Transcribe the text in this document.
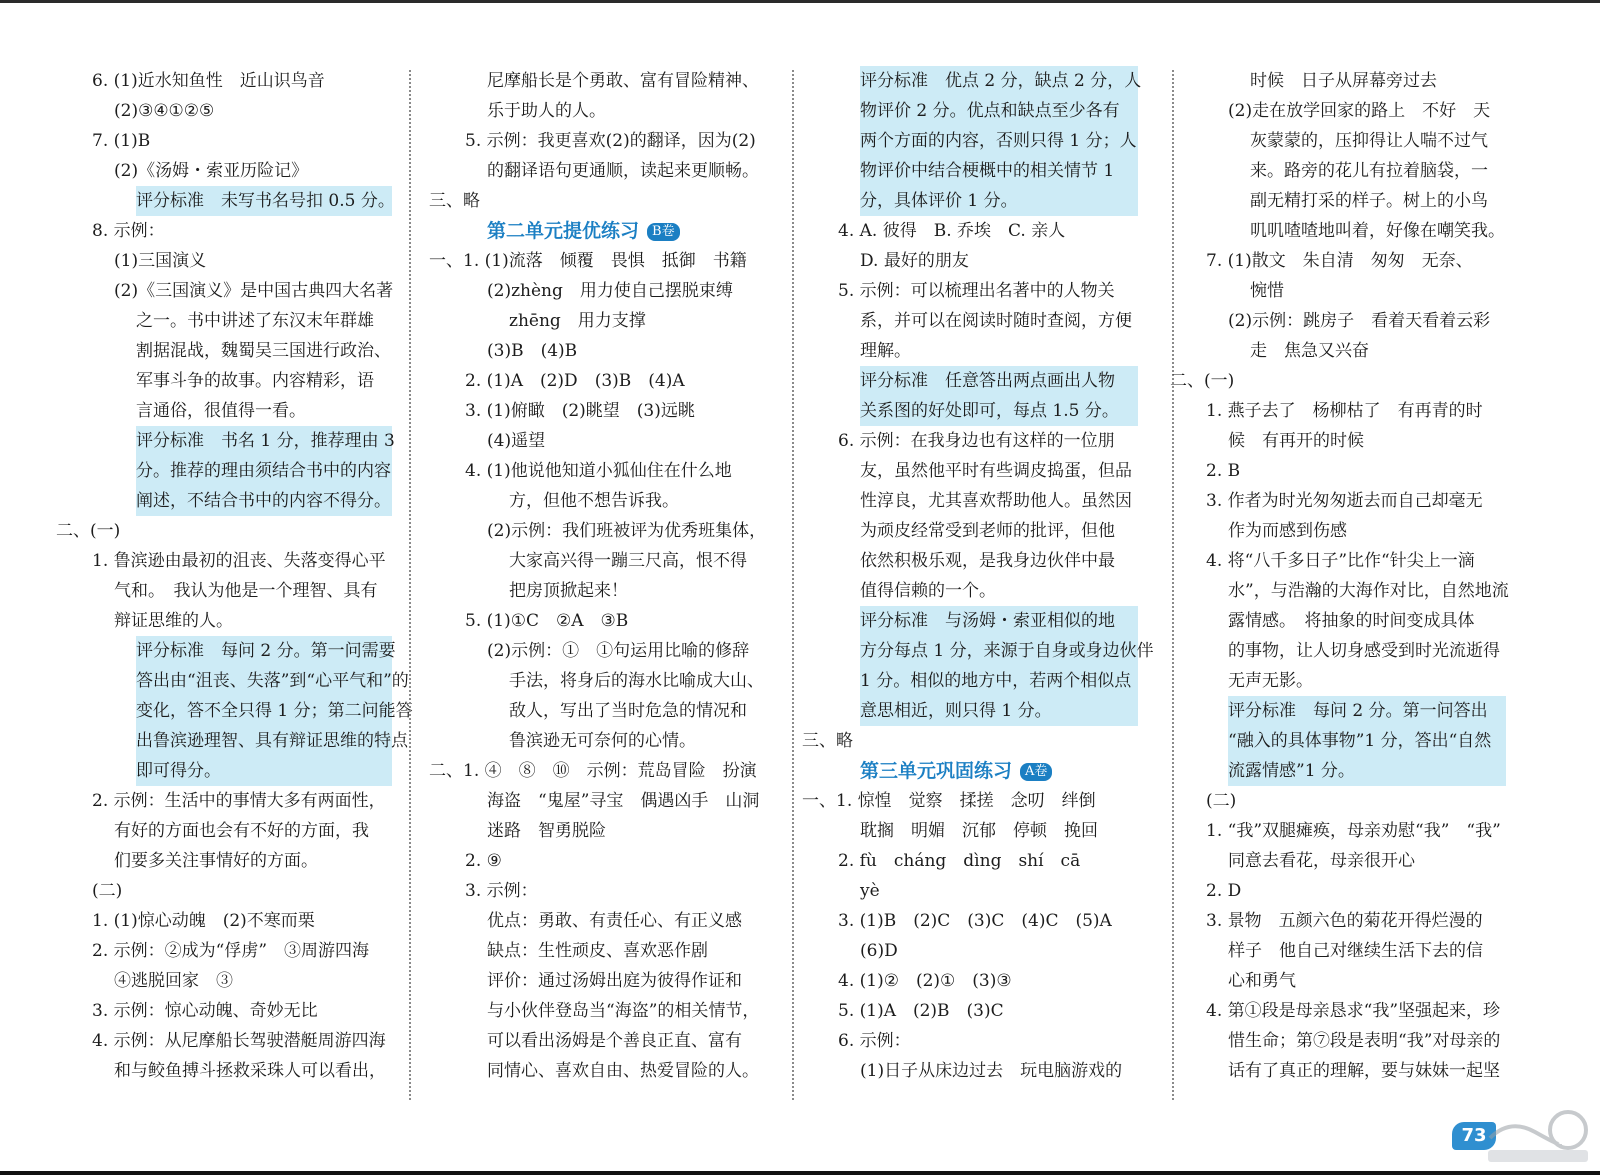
6. (1)近水知鱼性　近山识鸟音
(2)③④①②⑤
7. (1)B
(2)《汤姆・索亚历险记》
评分标准　未写书名号扣 0.5 分。
8. 示例：
(1)三国演义
(2)《三国演义》是中国古典四大名著
之一。书中讲述了东汉末年群雄
割据混战，魏蜀吴三国进行政治、
军事斗争的故事。内容精彩，语
言通俗，很值得一看。
评分标准　书名 1 分，推荐理由 3
分。推荐的理由须结合书中的内容
阐述，不结合书中的内容不得分。
二、(一)
1. 鲁滨逊由最初的沮丧、失落变得心平
气和。　我认为他是一个理智、具有
辩证思维的人。
评分标准　每问 2 分。第一问需要
答出由“沮丧、失落”到“心平气和”的
变化，答不全只得 1 分；第二问能答
出鲁滨逊理智、具有辩证思维的特点
即可得分。
2. 示例：生活中的事情大多有两面性，
有好的方面也会有不好的方面，我
们要多关注事情好的方面。
(二)
1. (1)惊心动魄　(2)不寒而栗
2. 示例：②成为“俘虏”　③周游四海
④逃脱回家　③
3. 示例：惊心动魄、奇妙无比
4. 示例：从尼摩船长驾驶潜艇周游四海
和与鲛鱼搏斗拯救采珠人可以看出，
尼摩船长是个勇敢、富有冒险精神、
乐于助人的人。
5. 示例：我更喜欢(2)的翻译，因为(2)
的翻译语句更通顺，读起来更顺畅。
三、略
第二单元提优练习 B卷
一、1. (1)流落　倾覆　畏惧　抵御　书籍
(2)zhèng　用力使自己摆脱束缚
zhēng　用力支撑
(3)B　(4)B
2. (1)A　(2)D　(3)B　(4)A
3. (1)俯瞰　(2)眺望　(3)远眺
(4)遥望
4. (1)他说他知道小狐仙住在什么地
方，但他不想告诉我。
(2)示例：我们班被评为优秀班集体，
大家高兴得一蹦三尺高，恨不得
把房顶掀起来！
5. (1)①C　②A　③B
(2)示例：①　①句运用比喻的修辞
手法，将身后的海水比喻成大山、
敌人，写出了当时危急的情况和
鲁滨逊无可奈何的心情。
二、1. ④　⑧　⑩　示例：荒岛冒险　扮演
海盗　“鬼屋”寻宝　偶遇凶手　山洞
迷路　智勇脱险
2. ⑨
3. 示例：
优点：勇敢、有责任心、有正义感
缺点：生性顽皮、喜欢恶作剧
评价：通过汤姆出庭为彼得作证和
与小伙伴登岛当“海盗”的相关情节，
可以看出汤姆是个善良正直、富有
同情心、喜欢自由、热爱冒险的人。
评分标准　优点 2 分，缺点 2 分，人
物评价 2 分。优点和缺点至少各有
两个方面的内容，否则只得 1 分；人
物评价中结合梗概中的相关情节 1
分，具体评价 1 分。
4. A. 彼得　B. 乔埃　C. 亲人
D. 最好的朋友
5. 示例：可以梳理出名著中的人物关
系，并可以在阅读时随时查阅，方便
理解。
评分标准　任意答出两点画出人物
关系图的好处即可，每点 1.5 分。
6. 示例：在我身边也有这样的一位朋
友，虽然他平时有些调皮捣蛋，但品
性淳良，尤其喜欢帮助他人。虽然因
为顽皮经常受到老师的批评，但他
依然积极乐观，是我身边伙伴中最
值得信赖的一个。
评分标准　与汤姆・索亚相似的地
方分每点 1 分，来源于自身或身边伙伴
1 分。相似的地方中，若两个相似点
意思相近，则只得 1 分。
三、略
第三单元巩固练习 A卷
一、1. 惊惶　觉察　揉搓　念叨　绊倒
耽搁　明媚　沉郁　停顿　挽回
2. fù　cháng　dìng　shí　cā
yè
3. (1)B　(2)C　(3)C　(4)C　(5)A
(6)D
4. (1)②　(2)①　(3)③
5. (1)A　(2)B　(3)C
6. 示例：
(1)日子从床边过去　玩电脑游戏的
时候　日子从屏幕旁过去
(2)走在放学回家的路上　不好　天
灰蒙蒙的，压抑得让人喘不过气
来。路旁的花儿有拉着脑袋，一
副无精打采的样子。树上的小鸟
叽叽喳喳地叫着，好像在嘲笑我。
7. (1)散文　朱自清　匆匆　无奈、
惋惜
(2)示例：跳房子　看着天看着云彩
走　焦急又兴奋
二、(一)
1. 燕子去了　杨柳枯了　有再青的时
候　有再开的时候
2. B
3. 作者为时光匆匆逝去而自己却毫无
作为而感到伤感
4. 将“八千多日子”比作“针尖上一滴
水”，与浩瀚的大海作对比，自然地流
露情感。　将抽象的时间变成具体
的事物，让人切身感受到时光流逝得
无声无影。
评分标准　每问 2 分。第一问答出
“融入的具体事物”1 分，答出“自然
流露情感”1 分。
(二)
1. “我”双腿瘫痪，母亲劝慰“我”　“我”
同意去看花，母亲很开心
2. D
3. 景物　五颜六色的菊花开得烂漫的
样子　他自己对继续生活下去的信
心和勇气
4. 第①段是母亲恳求“我”坚强起来，珍
惜生命；第⑦段是表明“我”对母亲的
话有了真正的理解，要与妹妹一起坚
73
